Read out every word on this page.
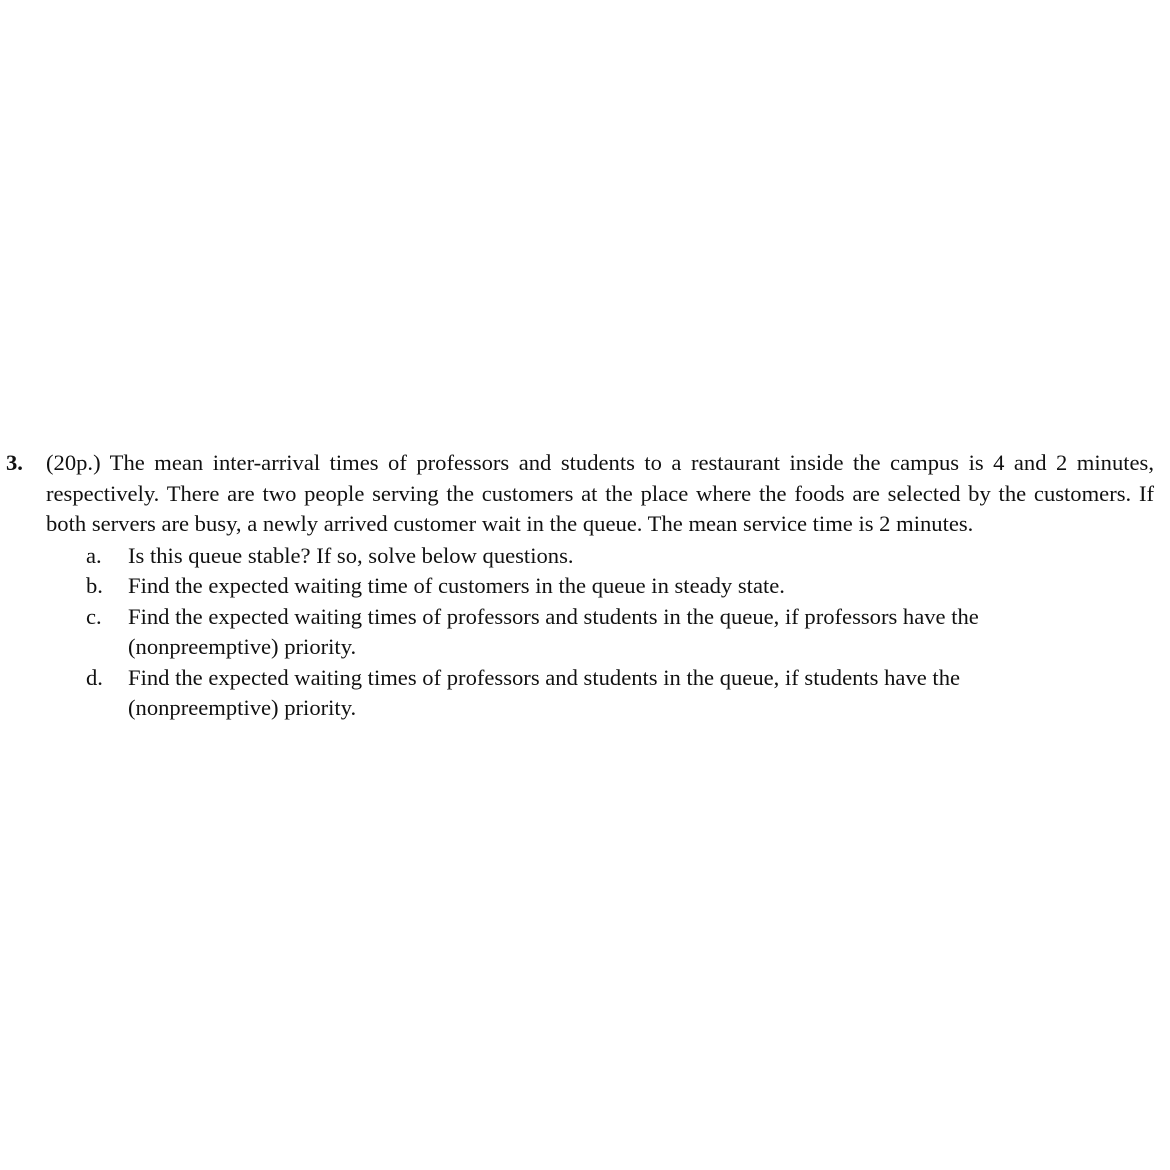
3. (20p.) The mean inter-arrival times of professors and students to a restaurant inside the campus is 4 and 2 minutes, respectively. There are two people serving the customers at the place where the foods are selected by the customers. If both servers are busy, a newly arrived customer wait in the queue. The mean service time is 2 minutes.
a. Is this queue stable? If so, solve below questions.
b. Find the expected waiting time of customers in the queue in steady state.
c. Find the expected waiting times of professors and students in the queue, if professors have the (nonpreemptive) priority.
d. Find the expected waiting times of professors and students in the queue, if students have the (nonpreemptive) priority.
